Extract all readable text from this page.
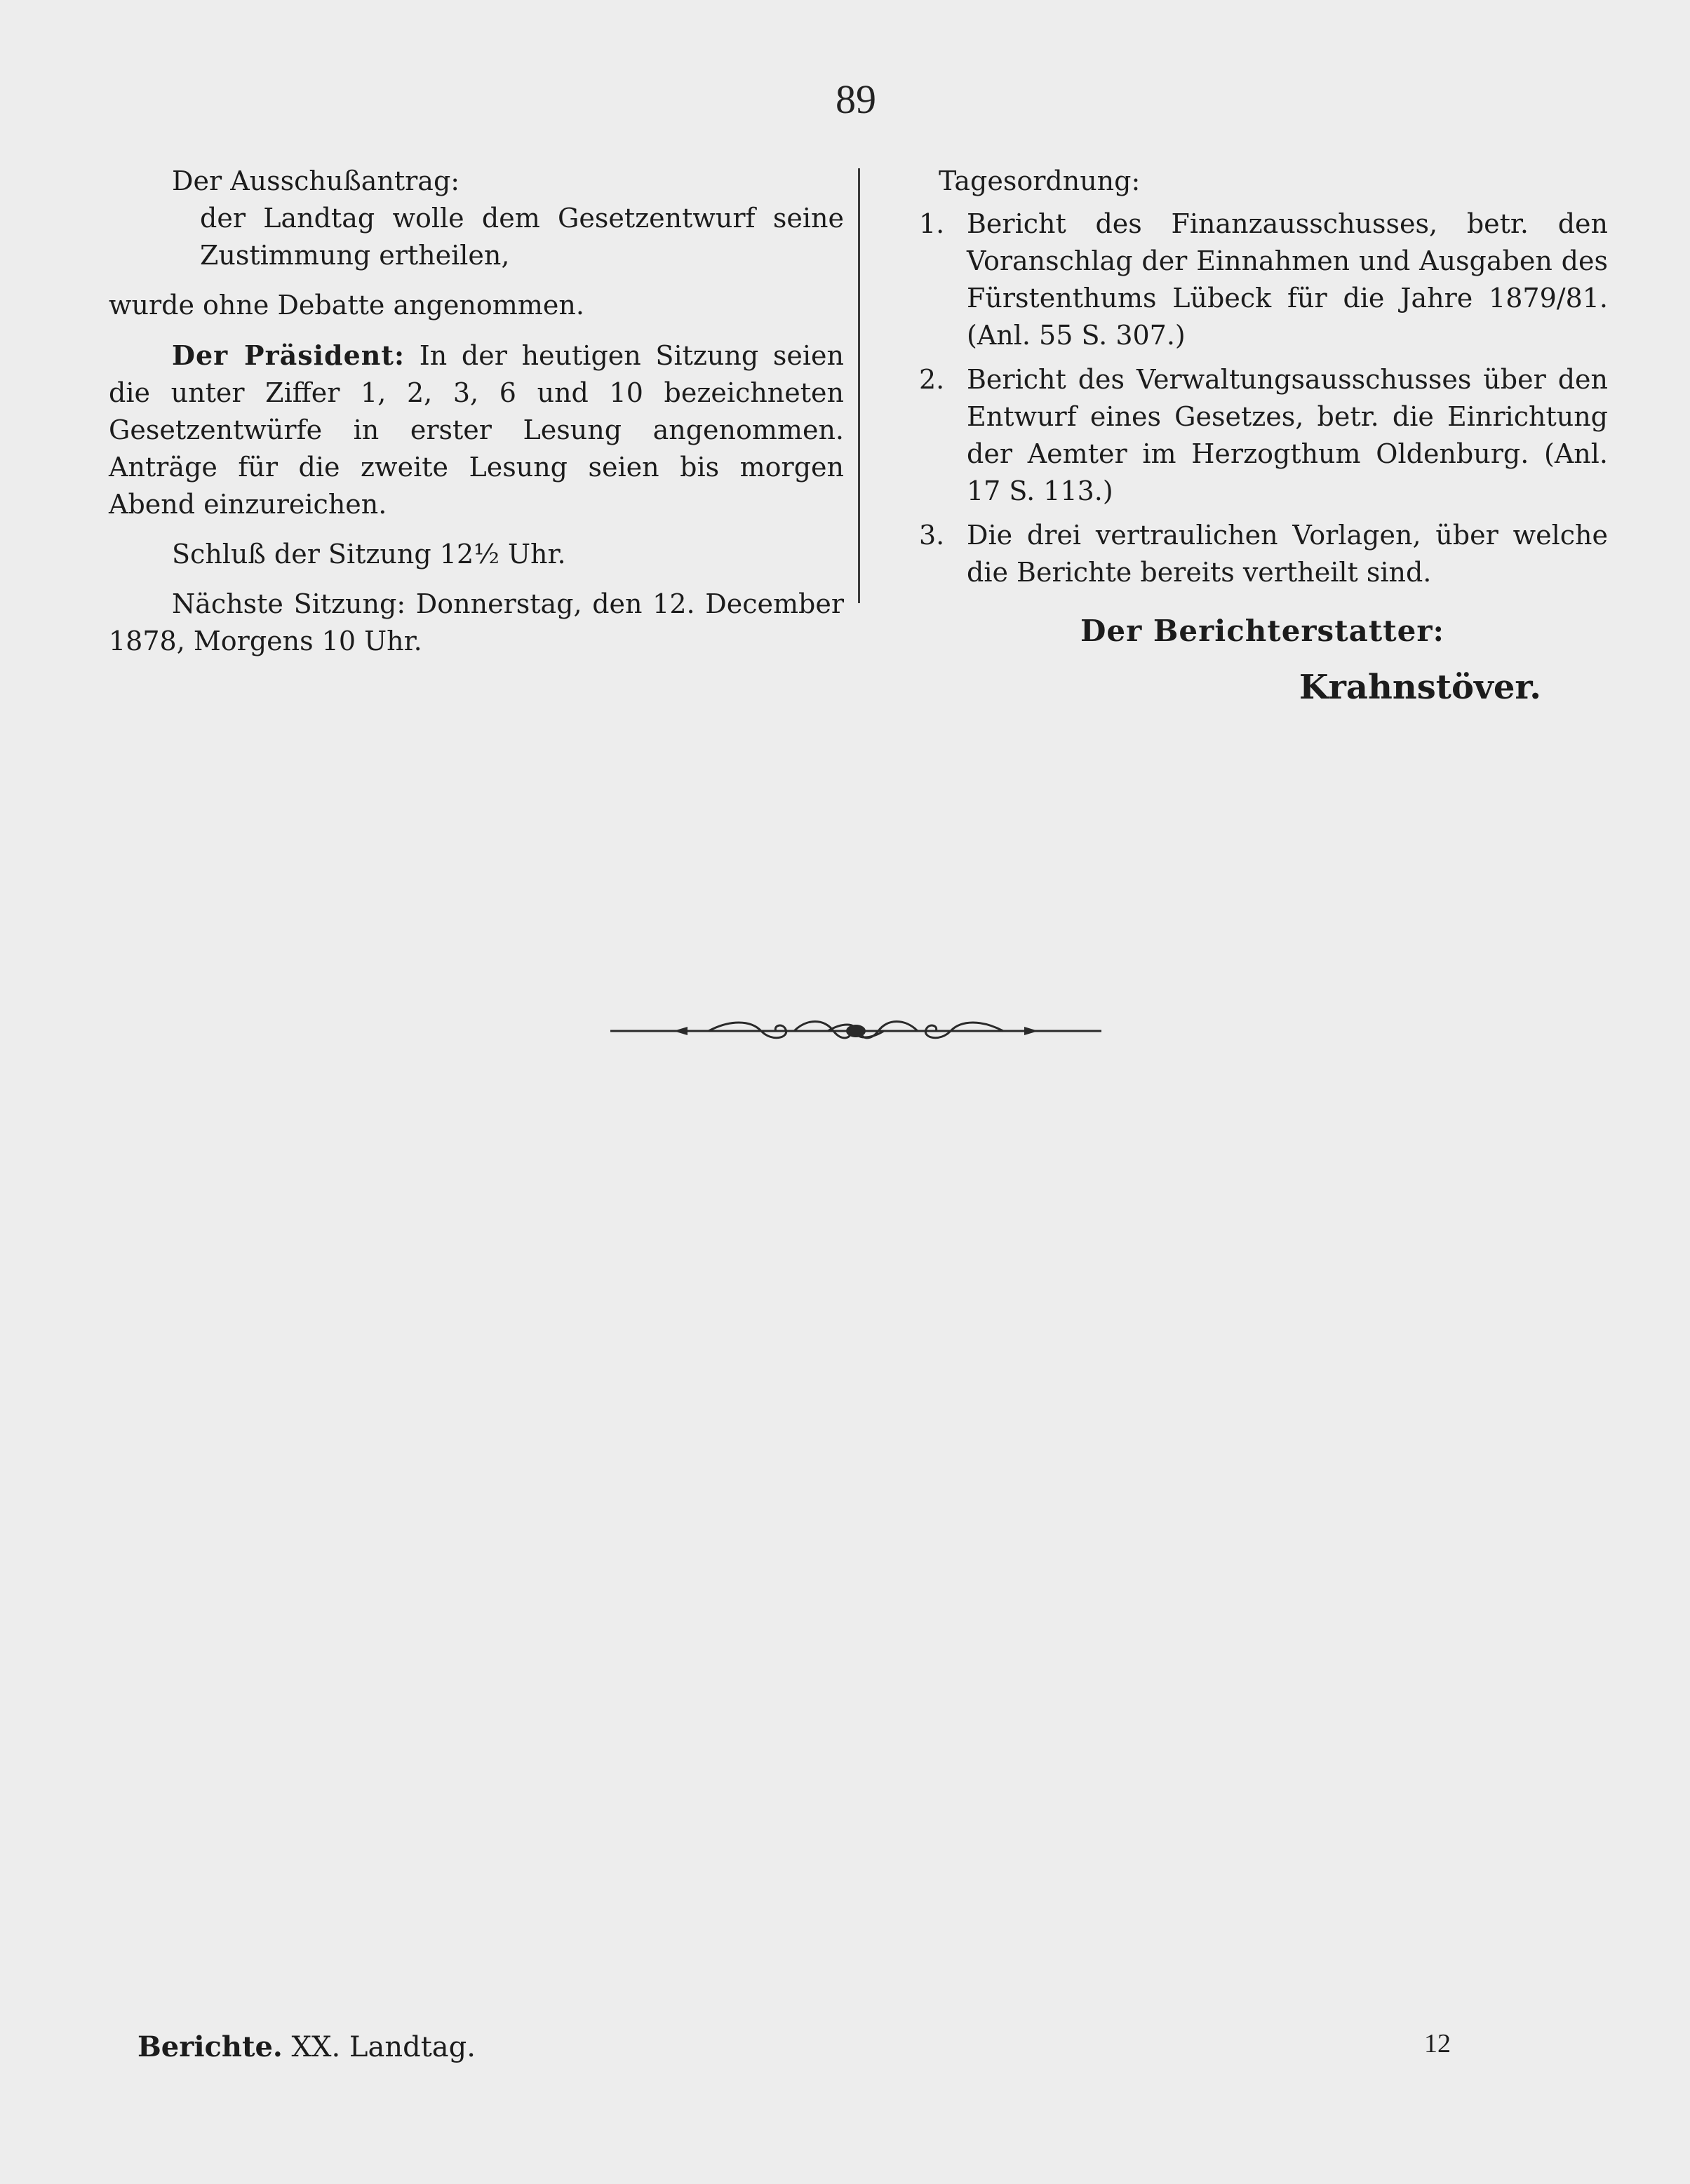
89

Der Ausschußantrag:

der Landtag wolle dem Gesetzentwurf seine Zustimmung ertheilen,

wurde ohne Debatte angenommen.

Der Präsident: In der heutigen Sitzung seien die unter Ziffer 1, 2, 3, 6 und 10 bezeichneten Gesetzentwürfe in erster Lesung angenommen. Anträge für die zweite Lesung seien bis morgen Abend einzureichen.

Schluß der Sitzung 12½ Uhr.

Nächste Sitzung: Donnerstag, den 12. December 1878, Morgens 10 Uhr.

Tagesordnung:

1. Bericht des Finanzausschusses, betr. den Voranschlag der Einnahmen und Ausgaben des Fürstenthums Lübeck für die Jahre 1879/81. (Anl. 55 S. 307.)
2. Bericht des Verwaltungsausschusses über den Entwurf eines Gesetzes, betr. die Einrichtung der Aemter im Herzogthum Oldenburg. (Anl. 17 S. 113.)
3. Die drei vertraulichen Vorlagen, über welche die Berichte bereits vertheilt sind.

Der Berichterstatter:

Krahnstöver.

Berichte. XX. Landtag.	12
